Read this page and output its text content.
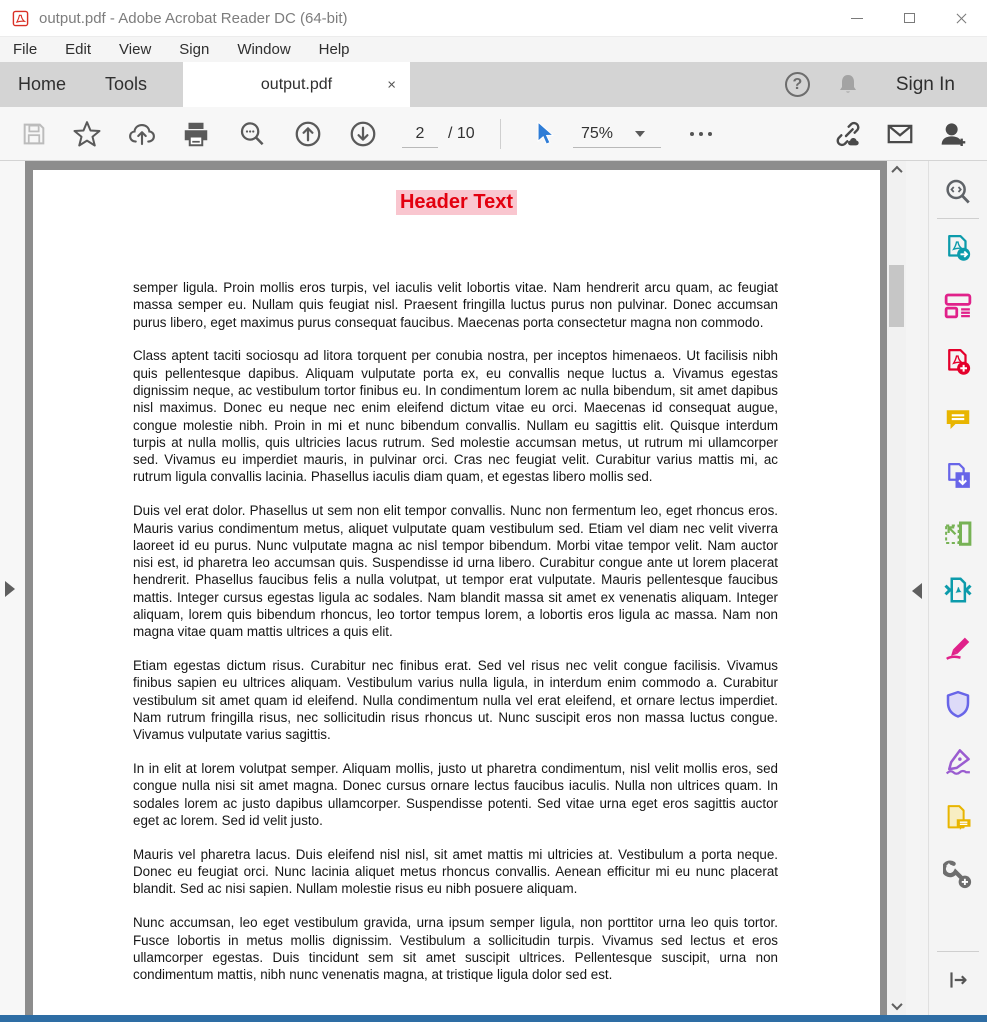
output.pdf - Adobe Acrobat Reader DC (64-bit)
File	Edit	View	Sign	Window	Help
Home Tools	output.pdf	×	?	Sign In
2	/ 10	75%
Header Text

semper ligula. Proin mollis eros turpis, vel iaculis velit lobortis vitae. Nam hendrerit arcu quam, ac feugiat massa semper eu. Nullam quis feugiat nisl. Praesent fringilla luctus purus non pulvinar. Donec accumsan purus libero, eget maximus purus consequat faucibus. Maecenas porta consectetur magna non commodo.

Class aptent taciti sociosqu ad litora torquent per conubia nostra, per inceptos himenaeos. Ut facilisis nibh quis pellentesque dapibus. Aliquam vulputate porta ex, eu convallis neque luctus a. Vivamus egestas dignissim neque, ac vestibulum tortor finibus eu. In condimentum lorem ac nulla bibendum, sit amet dapibus nisl maximus. Donec eu neque nec enim eleifend dictum vitae eu orci. Maecenas id consequat augue, congue molestie nibh. Proin in mi et nunc bibendum convallis. Nullam eu sagittis elit. Quisque interdum turpis at nulla mollis, quis ultricies lacus rutrum. Sed molestie accumsan metus, ut rutrum mi ullamcorper sed. Vivamus eu imperdiet mauris, in pulvinar orci. Cras nec feugiat velit. Curabitur varius mattis mi, ac rutrum ligula convallis lacinia. Phasellus iaculis diam quam, et egestas libero mollis sed.

Duis vel erat dolor. Phasellus ut sem non elit tempor convallis. Nunc non fermentum leo, eget rhoncus eros. Mauris varius condimentum metus, aliquet vulputate quam vestibulum sed. Etiam vel diam nec velit viverra laoreet id eu purus. Nunc vulputate magna ac nisl tempor bibendum. Morbi vitae tempor velit. Nam auctor nisi est, id pharetra leo accumsan quis. Suspendisse id urna libero. Curabitur congue ante ut lorem placerat hendrerit. Phasellus faucibus felis a nulla volutpat, ut tempor erat vulputate. Mauris pellentesque faucibus mattis. Integer cursus egestas ligula ac sodales. Nam blandit massa sit amet ex venenatis aliquam. Integer aliquam, lorem quis bibendum rhoncus, leo tortor tempus lorem, a lobortis eros ligula ac massa. Nam non magna vitae quam mattis ultrices a quis elit.

Etiam egestas dictum risus. Curabitur nec finibus erat. Sed vel risus nec velit congue facilisis. Vivamus finibus sapien eu ultrices aliquam. Vestibulum varius nulla ligula, in interdum enim commodo a. Curabitur vestibulum sit amet quam id eleifend. Nulla condimentum nulla vel erat eleifend, et ornare lectus imperdiet. Nam rutrum fringilla risus, nec sollicitudin risus rhoncus ut. Nunc suscipit eros non massa luctus congue. Vivamus vulputate varius sagittis.

In in elit at lorem volutpat semper. Aliquam mollis, justo ut pharetra condimentum, nisl velit mollis eros, sed congue nulla nisi sit amet magna. Donec cursus ornare lectus faucibus iaculis. Nulla non ultrices quam. In sodales lorem ac justo dapibus ullamcorper. Suspendisse potenti. Sed vitae urna eget eros sagittis auctor eget ac lorem. Sed id velit justo.

Mauris vel pharetra lacus. Duis eleifend nisl nisl, sit amet mattis mi ultricies at. Vestibulum a porta neque. Donec eu feugiat orci. Nunc lacinia aliquet metus rhoncus convallis. Aenean efficitur mi eu nunc placerat blandit. Sed ac nisi sapien. Nullam molestie risus eu nibh posuere aliquam.

Nunc accumsan, leo eget vestibulum gravida, urna ipsum semper ligula, non porttitor urna leo quis tortor. Fusce lobortis in metus mollis dignissim. Vestibulum a sollicitudin turpis. Vivamus sed lectus et eros ullamcorper egestas. Duis tincidunt sem sit amet suscipit ultrices. Pellentesque suscipit, urna non condimentum mattis, nibh nunc venenatis magna, at tristique ligula dolor sed est.
